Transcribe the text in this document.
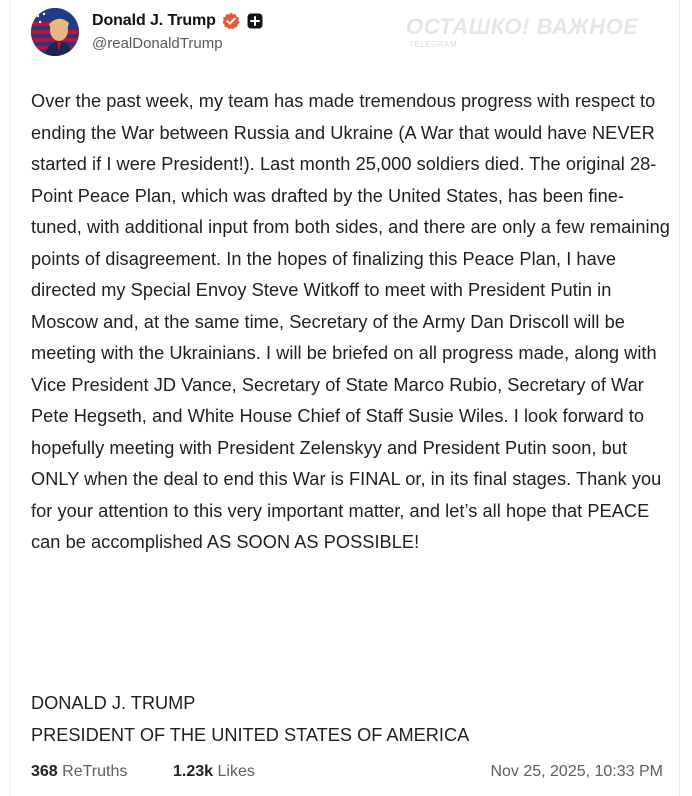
Donald J. Trump
@realDonaldTrump
ОСТАШКО! ВАЖНОЕ
TELEGRAM
Over the past week, my team has made tremendous progress with respect to ending the War between Russia and Ukraine (A War that would have NEVER started if I were President!). Last month 25,000 soldiers died. The original 28-Point Peace Plan, which was drafted by the United States, has been fine-tuned, with additional input from both sides, and there are only a few remaining points of disagreement. In the hopes of finalizing this Peace Plan, I have directed my Special Envoy Steve Witkoff to meet with President Putin in Moscow and, at the same time, Secretary of the Army Dan Driscoll will be meeting with the Ukrainians. I will be briefed on all progress made, along with Vice President JD Vance, Secretary of State Marco Rubio, Secretary of War Pete Hegseth, and White House Chief of Staff Susie Wiles. I look forward to hopefully meeting with President Zelenskyy and President Putin soon, but ONLY when the deal to end this War is FINAL or, in its final stages. Thank you for your attention to this very important matter, and let’s all hope that PEACE can be accomplished AS SOON AS POSSIBLE!
DONALD J. TRUMP
PRESIDENT OF THE UNITED STATES OF AMERICA
368 ReTruths	1.23k Likes	Nov 25, 2025, 10:33 PM
